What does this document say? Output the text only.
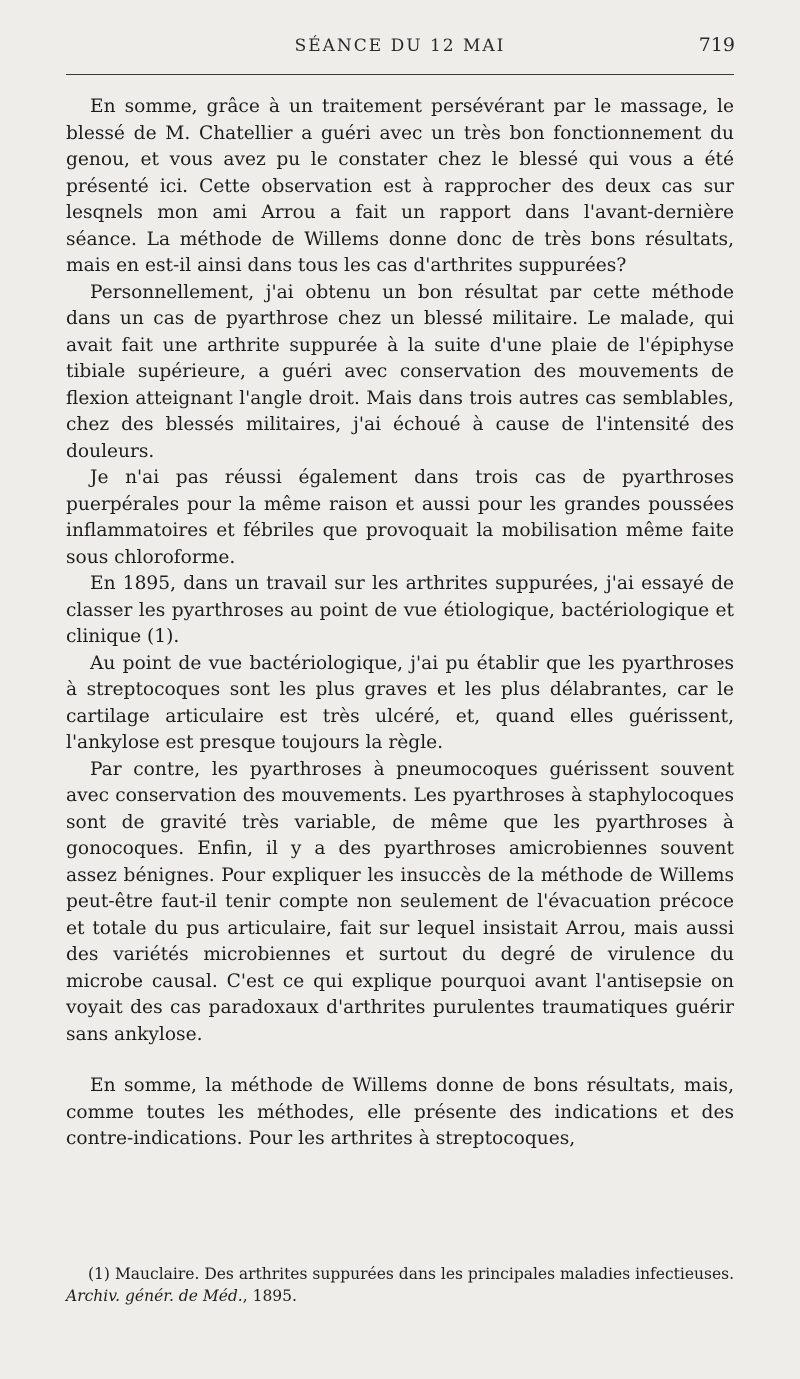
SÉANCE DU 12 MAI	719

En somme, grâce à un traitement persévérant par le massage, le blessé de M. Chatellier a guéri avec un très bon fonctionnement du genou, et vous avez pu le constater chez le blessé qui vous a été présenté ici. Cette observation est à rapprocher des deux cas sur lesqnels mon ami Arrou a fait un rapport dans l'avant-dernière séance. La méthode de Willems donne donc de très bons résultats, mais en est-il ainsi dans tous les cas d'arthrites suppurées?

Personnellement, j'ai obtenu un bon résultat par cette méthode dans un cas de pyarthrose chez un blessé militaire. Le malade, qui avait fait une arthrite suppurée à la suite d'une plaie de l'épiphyse tibiale supérieure, a guéri avec conservation des mouvements de flexion atteignant l'angle droit. Mais dans trois autres cas semblables, chez des blessés militaires, j'ai échoué à cause de l'intensité des douleurs.

Je n'ai pas réussi également dans trois cas de pyarthroses puerpérales pour la même raison et aussi pour les grandes poussées inflammatoires et fébriles que provoquait la mobilisation même faite sous chloroforme.

En 1895, dans un travail sur les arthrites suppurées, j'ai essayé de classer les pyarthroses au point de vue étiologique, bactériologique et clinique (1).

Au point de vue bactériologique, j'ai pu établir que les pyarthroses à streptocoques sont les plus graves et les plus délabrantes, car le cartilage articulaire est très ulcéré, et, quand elles guérissent, l'ankylose est presque toujours la règle.

Par contre, les pyarthroses à pneumocoques guérissent souvent avec conservation des mouvements. Les pyarthroses à staphylocoques sont de gravité très variable, de même que les pyarthroses à gonocoques. Enfin, il y a des pyarthroses amicrobiennes souvent assez bénignes. Pour expliquer les insuccès de la méthode de Willems peut-être faut-il tenir compte non seulement de l'évacuation précoce et totale du pus articulaire, fait sur lequel insistait Arrou, mais aussi des variétés microbiennes et surtout du degré de virulence du microbe causal. C'est ce qui explique pourquoi avant l'antisepsie on voyait des cas paradoxaux d'arthrites purulentes traumatiques guérir sans ankylose.

En somme, la méthode de Willems donne de bons résultats, mais, comme toutes les méthodes, elle présente des indications et des contre-indications. Pour les arthrites à streptocoques,

(1) Mauclaire. Des arthrites suppurées dans les principales maladies infectieuses. Archiv. génér. de Méd., 1895.
